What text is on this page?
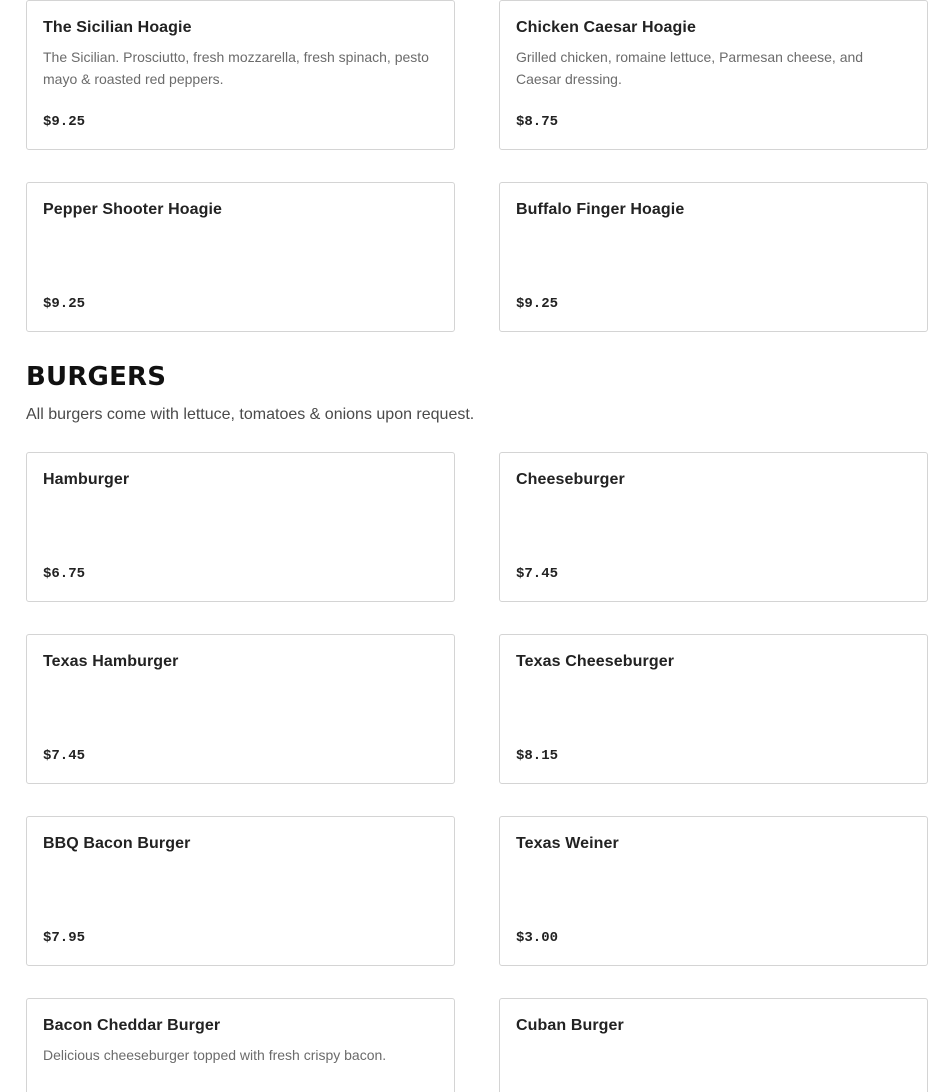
The Sicilian Hoagie
The Sicilian. Prosciutto, fresh mozzarella, fresh spinach, pesto mayo & roasted red peppers.
$9.25
Chicken Caesar Hoagie
Grilled chicken, romaine lettuce, Parmesan cheese, and Caesar dressing.
$8.75
Pepper Shooter Hoagie
$9.25
Buffalo Finger Hoagie
$9.25
BURGERS

All burgers come with lettuce, tomatoes & onions upon request.

Hamburger
$6.75
Cheeseburger
$7.45
Texas Hamburger
$7.45
Texas Cheeseburger
$8.15
BBQ Bacon Burger
$7.95
Texas Weiner
$3.00
Bacon Cheddar Burger
Delicious cheeseburger topped with fresh crispy bacon.
Cuban Burger
